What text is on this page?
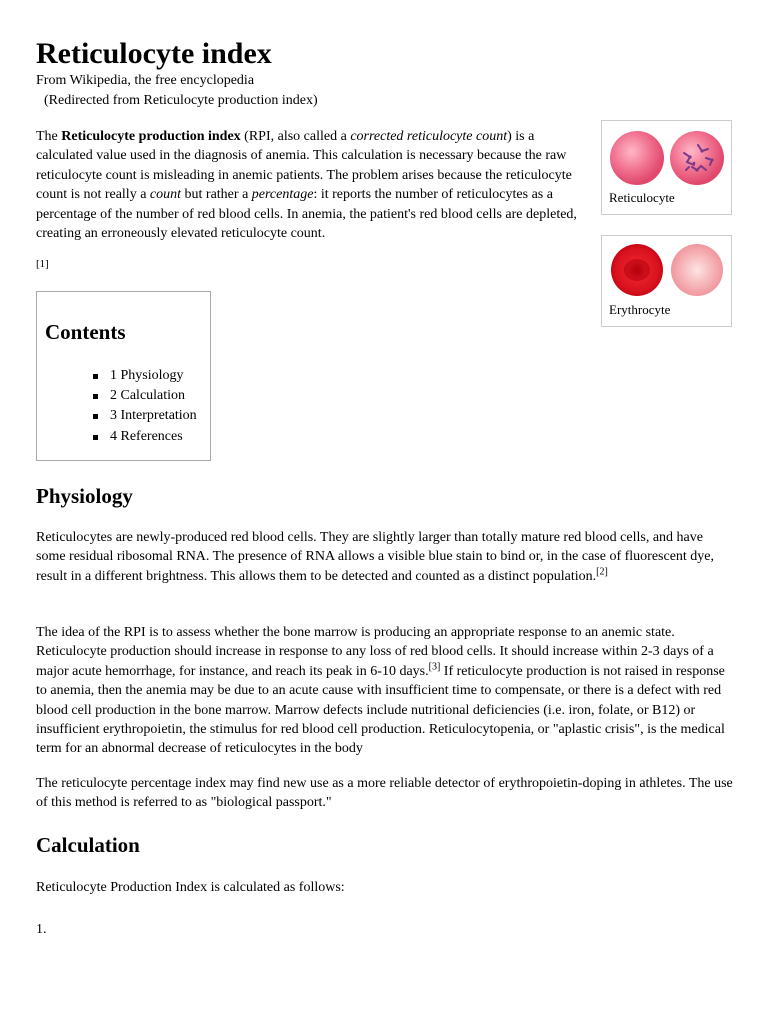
Reticulocyte index
From Wikipedia, the free encyclopedia
(Redirected from Reticulocyte production index)

The Reticulocyte production index (RPI, also called a corrected reticulocyte count) is a calculated value used in the diagnosis of anemia. This calculation is necessary because the raw reticulocyte count is misleading in anemic patients. The problem arises because the reticulocyte count is not really a count but rather a percentage: it reports the number of reticulocytes as a percentage of the number of red blood cells. In anemia, the patient's red blood cells are depleted, creating an erroneously elevated reticulocyte count.

[1]
Contents
1 Physiology
2 Calculation
3 Interpretation
4 References
Reticulocyte
Erythrocyte
Physiology

Reticulocytes are newly-produced red blood cells. They are slightly larger than totally mature red blood cells, and have some residual ribosomal RNA. The presence of RNA allows a visible blue stain to bind or, in the case of fluorescent dye, result in a different brightness. This allows them to be detected and counted as a distinct population.[2]

The idea of the RPI is to assess whether the bone marrow is producing an appropriate response to an anemic state. Reticulocyte production should increase in response to any loss of red blood cells. It should increase within 2-3 days of a major acute hemorrhage, for instance, and reach its peak in 6-10 days.[3] If reticulocyte production is not raised in response to anemia, then the anemia may be due to an acute cause with insufficient time to compensate, or there is a defect with red blood cell production in the bone marrow. Marrow defects include nutritional deficiencies (i.e. iron, folate, or B12) or insufficient erythropoietin, the stimulus for red blood cell production. Reticulocytopenia, or "aplastic crisis", is the medical term for an abnormal decrease of reticulocytes in the body

The reticulocyte percentage index may find new use as a more reliable detector of erythropoietin-doping in athletes. The use of this method is referred to as "biological passport."

Calculation

Reticulocyte Production Index is calculated as follows:

1.
